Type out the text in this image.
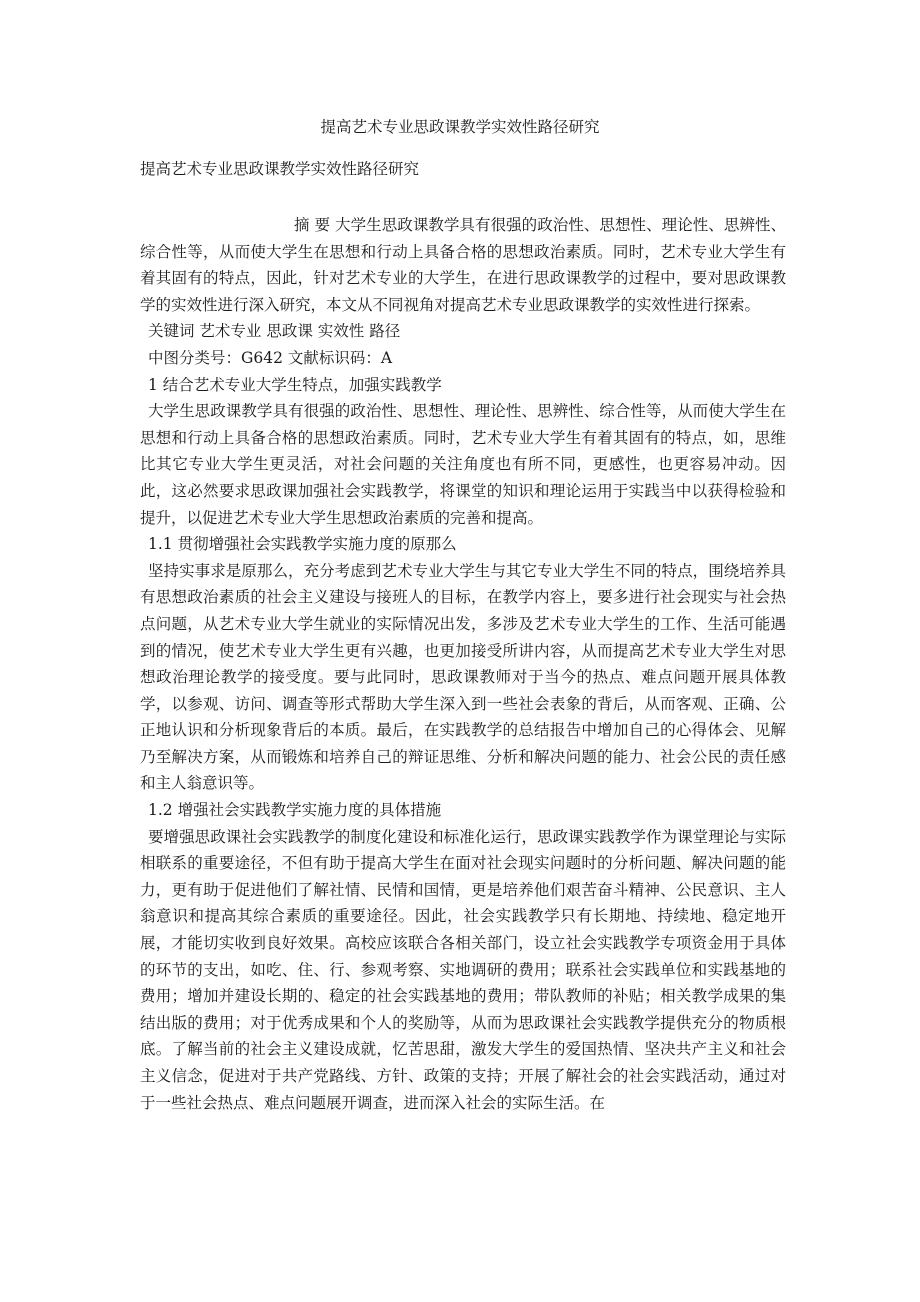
提高艺术专业思政课教学实效性路径研究

提高艺术专业思政课教学实效性路径研究

摘 要 大学生思政课教学具有很强的政治性、思想性、理论性、思辨性、综合性等，从而使大学生在思想和行动上具备合格的思想政治素质。同时，艺术专业大学生有着其固有的特点，因此，针对艺术专业的大学生，在进行思政课教学的过程中，要对思政课教学的实效性进行深入研究，本文从不同视角对提高艺术专业思政课教学的实效性进行探索。

关键词 艺术专业 思政课 实效性 路径

中图分类号：G642 文献标识码：A

1 结合艺术专业大学生特点，加强实践教学

大学生思政课教学具有很强的政治性、思想性、理论性、思辨性、综合性等，从而使大学生在思想和行动上具备合格的思想政治素质。同时，艺术专业大学生有着其固有的特点，如，思维比其它专业大学生更灵活，对社会问题的关注角度也有所不同，更感性，也更容易冲动。因此，这必然要求思政课加强社会实践教学，将课堂的知识和理论运用于实践当中以获得检验和提升，以促进艺术专业大学生思想政治素质的完善和提高。

1.1 贯彻增强社会实践教学实施力度的原那么

坚持实事求是原那么，充分考虑到艺术专业大学生与其它专业大学生不同的特点，围绕培养具有思想政治素质的社会主义建设与接班人的目标，在教学内容上，要多进行社会现实与社会热点问题，从艺术专业大学生就业的实际情况出发，多涉及艺术专业大学生的工作、生活可能遇到的情况，使艺术专业大学生更有兴趣，也更加接受所讲内容，从而提高艺术专业大学生对思想政治理论教学的接受度。要与此同时，思政课教师对于当今的热点、难点问题开展具体教学，以参观、访问、调查等形式帮助大学生深入到一些社会表象的背后，从而客观、正确、公正地认识和分析现象背后的本质。最后，在实践教学的总结报告中增加自己的心得体会、见解乃至解决方案，从而锻炼和培养自己的辩证思维、分析和解决问题的能力、社会公民的责任感和主人翁意识等。

1.2 增强社会实践教学实施力度的具体措施

要增强思政课社会实践教学的制度化建设和标准化运行，思政课实践教学作为课堂理论与实际相联系的重要途径，不但有助于提高大学生在面对社会现实问题时的分析问题、解决问题的能力，更有助于促进他们了解社情、民情和国情，更是培养他们艰苦奋斗精神、公民意识、主人翁意识和提高其综合素质的重要途径。因此，社会实践教学只有长期地、持续地、稳定地开展，才能切实收到良好效果。高校应该联合各相关部门，设立社会实践教学专项资金用于具体的环节的支出，如吃、住、行、参观考察、实地调研的费用；联系社会实践单位和实践基地的费用；增加并建设长期的、稳定的社会实践基地的费用；带队教师的补贴；相关教学成果的集结出版的费用；对于优秀成果和个人的奖励等，从而为思政课社会实践教学提供充分的物质根底。了解当前的社会主义建设成就，忆苦思甜，激发大学生的爱国热情、坚决共产主义和社会主义信念，促进对于共产党路线、方针、政策的支持；开展了解社会的社会实践活动，通过对于一些社会热点、难点问题展开调查，进而深入社会的实际生活。在
